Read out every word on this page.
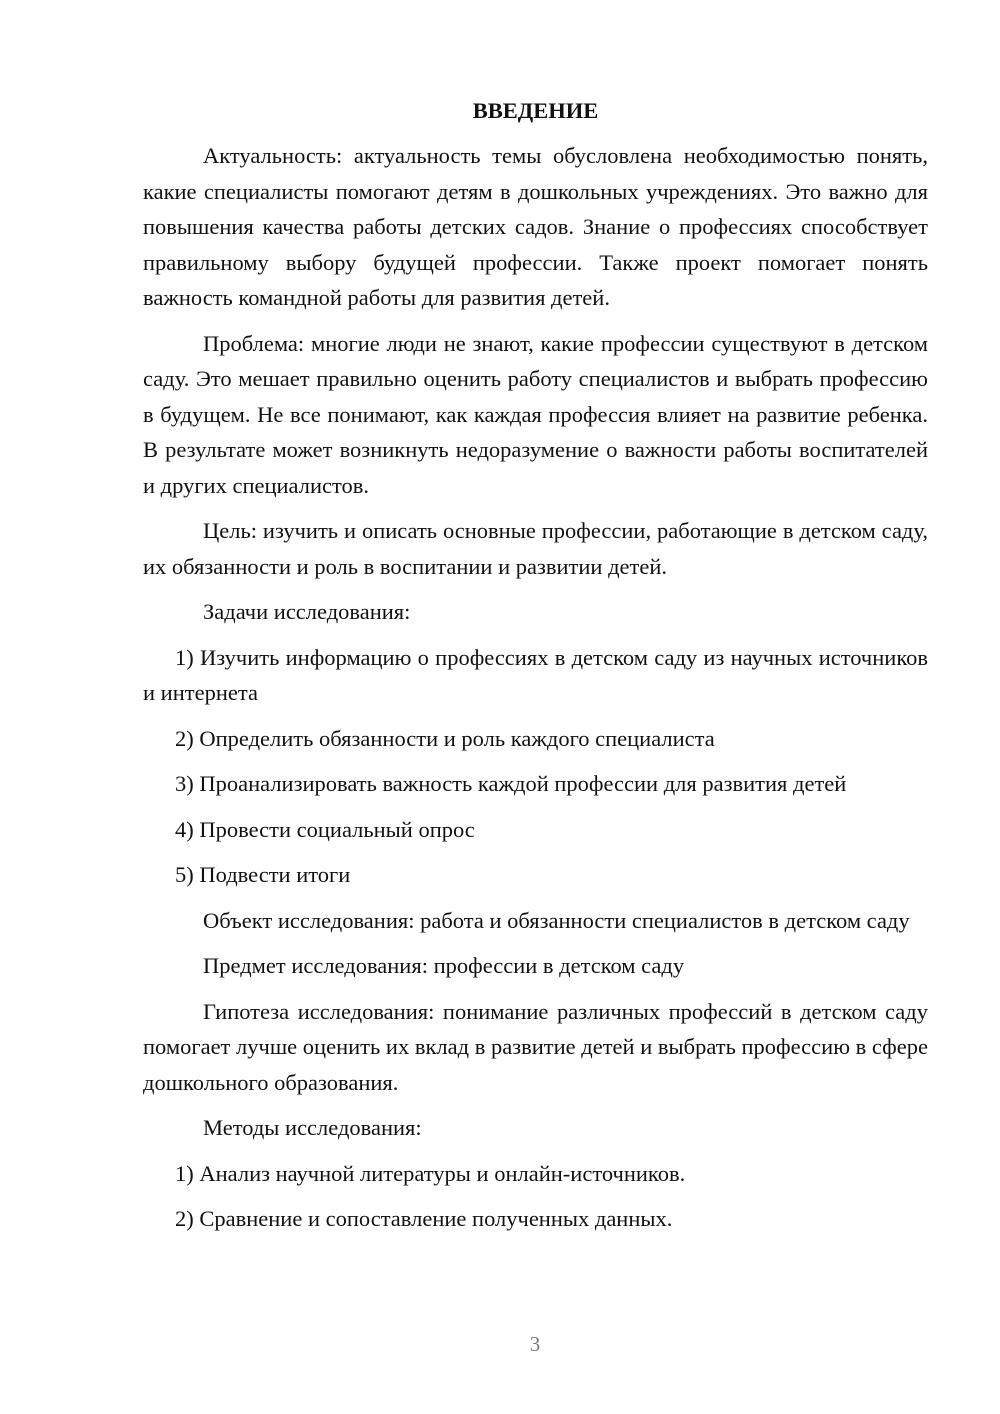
ВВЕДЕНИЕ

Актуальность: актуальность темы обусловлена необходимостью понять, какие специалисты помогают детям в дошкольных учреждениях. Это важно для повышения качества работы детских садов. Знание о профессиях способствует правильному выбору будущей профессии. Также проект помогает понять важность командной работы для развития детей.

Проблема: многие люди не знают, какие профессии существуют в детском саду. Это мешает правильно оценить работу специалистов и выбрать профессию в будущем. Не все понимают, как каждая профессия влияет на развитие ребенка. В результате может возникнуть недоразумение о важности работы воспитателей и других специалистов.

Цель: изучить и описать основные профессии, работающие в детском саду, их обязанности и роль в воспитании и развитии детей.

Задачи исследования:

1) Изучить информацию о профессиях в детском саду из научных источников и интернета

2) Определить обязанности и роль каждого специалиста

3) Проанализировать важность каждой профессии для развития детей

4) Провести социальный опрос

5) Подвести итоги

Объект исследования: работа и обязанности специалистов в детском саду

Предмет исследования: профессии в детском саду

Гипотеза исследования: понимание различных профессий в детском саду помогает лучше оценить их вклад в развитие детей и выбрать профессию в сфере дошкольного образования.

Методы исследования:

1) Анализ научной литературы и онлайн-источников.

2) Сравнение и сопоставление полученных данных.

3
